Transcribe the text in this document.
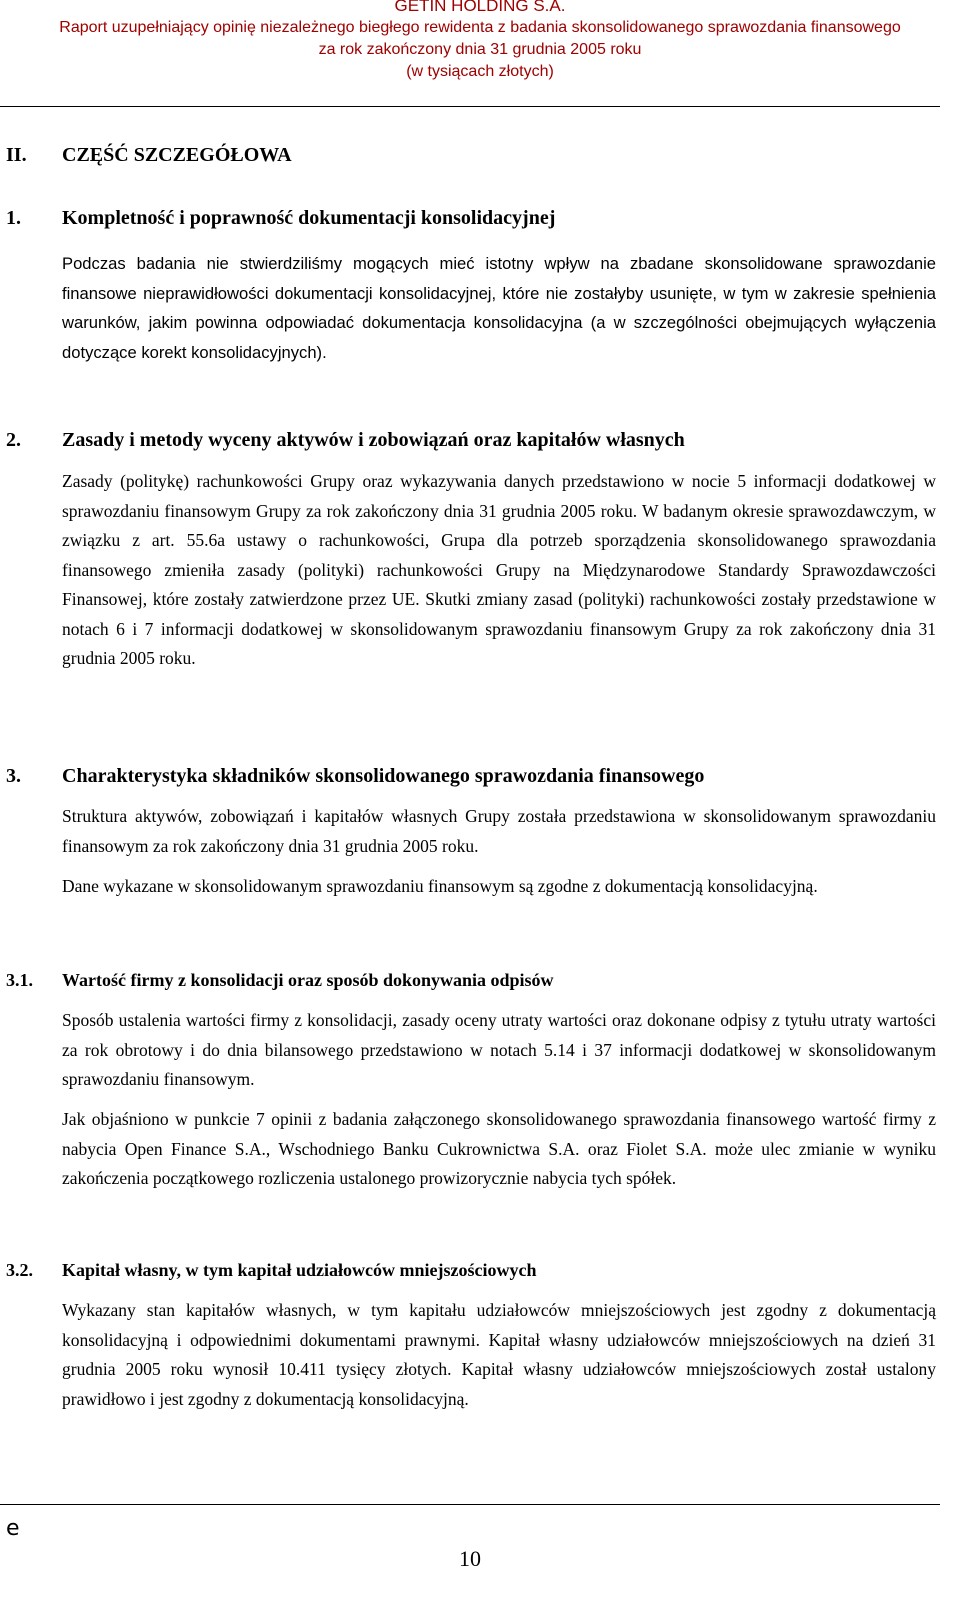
GETIN HOLDING S.A.
Raport uzupełniający opinię niezależnego biegłego rewidenta z badania skonsolidowanego sprawozdania finansowego
za rok zakończony dnia 31 grudnia 2005 roku
(w tysiącach złotych)
II. CZĘŚĆ SZCZEGÓŁOWA
1. Kompletność i poprawność dokumentacji konsolidacyjnej
Podczas badania nie stwierdziliśmy mogących mieć istotny wpływ na zbadane skonsolidowane sprawozdanie finansowe nieprawidłowości dokumentacji konsolidacyjnej, które nie zostałyby usunięte, w tym w zakresie spełnienia warunków, jakim powinna odpowiadać dokumentacja konsolidacyjna (a w szczególności obejmujących wyłączenia dotyczące korekt konsolidacyjnych).
2. Zasady i metody wyceny aktywów i zobowiązań oraz kapitałów własnych
Zasady (politykę) rachunkowości Grupy oraz wykazywania danych przedstawiono w nocie 5 informacji dodatkowej w sprawozdaniu finansowym Grupy za rok zakończony dnia 31 grudnia 2005 roku. W badanym okresie sprawozdawczym, w związku z art. 55.6a ustawy o rachunkowości, Grupa dla potrzeb sporządzenia skonsolidowanego sprawozdania finansowego zmieniła zasady (polityki) rachunkowości Grupy na Międzynarodowe Standardy Sprawozdawczości Finansowej, które zostały zatwierdzone przez UE. Skutki zmiany zasad (polityki) rachunkowości zostały przedstawione w notach 6 i 7 informacji dodatkowej w skonsolidowanym sprawozdaniu finansowym Grupy za rok zakończony dnia 31 grudnia 2005 roku.
3. Charakterystyka składników skonsolidowanego sprawozdania finansowego
Struktura aktywów, zobowiązań i kapitałów własnych Grupy została przedstawiona w skonsolidowanym sprawozdaniu finansowym za rok zakończony dnia 31 grudnia 2005 roku.
Dane wykazane w skonsolidowanym sprawozdaniu finansowym są zgodne z dokumentacją konsolidacyjną.
3.1. Wartość firmy z konsolidacji oraz sposób dokonywania odpisów
Sposób ustalenia wartości firmy z konsolidacji, zasady oceny utraty wartości oraz dokonane odpisy z tytułu utraty wartości za rok obrotowy i do dnia bilansowego przedstawiono w notach 5.14 i 37 informacji dodatkowej w skonsolidowanym sprawozdaniu finansowym.
Jak objaśniono w punkcie 7 opinii z badania załączonego skonsolidowanego sprawozdania finansowego wartość firmy z nabycia Open Finance S.A., Wschodniego Banku Cukrownictwa S.A. oraz Fiolet S.A. może ulec zmianie w wyniku zakończenia początkowego rozliczenia ustalonego prowizorycznie nabycia tych spółek.
3.2. Kapitał własny, w tym kapitał udziałowców mniejszościowych
Wykazany stan kapitałów własnych, w tym kapitału udziałowców mniejszościowych jest zgodny z dokumentacją konsolidacyjną i odpowiednimi dokumentami prawnymi. Kapitał własny udziałowców mniejszościowych na dzień 31 grudnia 2005 roku wynosił 10.411 tysięcy złotych. Kapitał własny udziałowców mniejszościowych został ustalony prawidłowo i jest zgodny z dokumentacją konsolidacyjną.
e
10
